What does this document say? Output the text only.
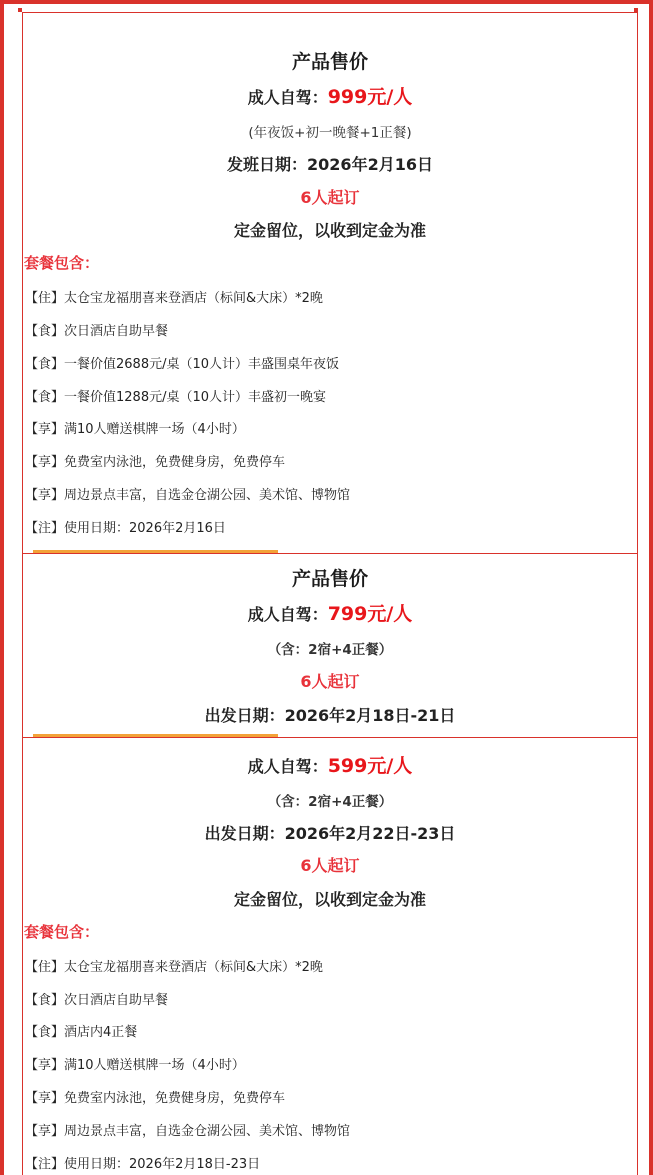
产品售价
成人自驾：999元/人
(年夜饭+初一晚餐+1正餐)
发班日期：2026年2月16日
6人起订
定金留位，以收到定金为准
套餐包含：
【住】太仓宝龙福朋喜来登酒店（标间&大床）*2晚
【食】次日酒店自助早餐
【食】一餐价值2688元/桌（10人计）丰盛围桌年夜饭
【食】一餐价值1288元/桌（10人计）丰盛初一晚宴
【享】满10人赠送棋牌一场（4小时）
【享】免费室内泳池，免费健身房，免费停车
【享】周边景点丰富，自选金仓湖公园、美术馆、博物馆
【注】使用日期：2026年2月16日
产品售价
成人自驾：799元/人
（含：2宿+4正餐）
6人起订
出发日期：2026年2月18日-21日
成人自驾：599元/人
（含：2宿+4正餐）
出发日期：2026年2月22日-23日
6人起订
定金留位，以收到定金为准
套餐包含：
【住】太仓宝龙福朋喜来登酒店（标间&大床）*2晚
【食】次日酒店自助早餐
【食】酒店内4正餐
【享】满10人赠送棋牌一场（4小时）
【享】免费室内泳池，免费健身房，免费停车
【享】周边景点丰富，自选金仓湖公园、美术馆、博物馆
【注】使用日期：2026年2月18日-23日
